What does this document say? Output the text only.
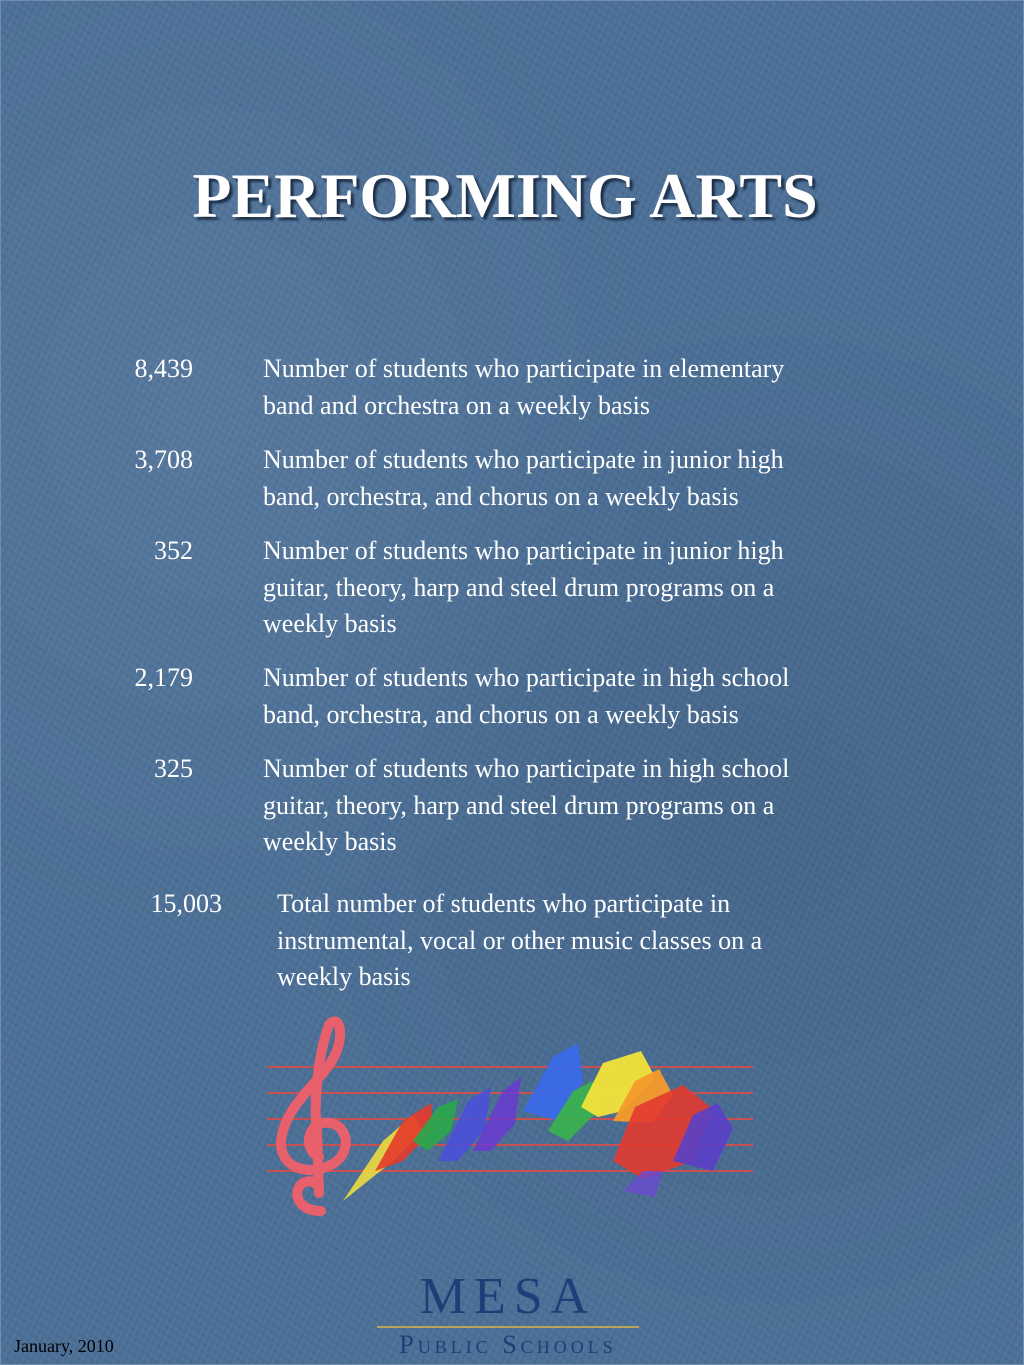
PERFORMING ARTS
8,439	Number of students who participate in elementary
band and orchestra on a weekly basis
3,708	Number of students who participate in junior high
band, orchestra, and chorus on a weekly basis
352	Number of students who participate in junior high
guitar, theory, harp and steel drum programs on a
weekly basis
2,179	Number of students who participate in high school
band, orchestra, and chorus on a weekly basis
325	Number of students who participate in high school
guitar, theory, harp and steel drum programs on a
weekly basis
15,003 Total number of students who participate in
instrumental, vocal or other music classes on a
weekly basis
MESA
Public Schools
January, 2010
